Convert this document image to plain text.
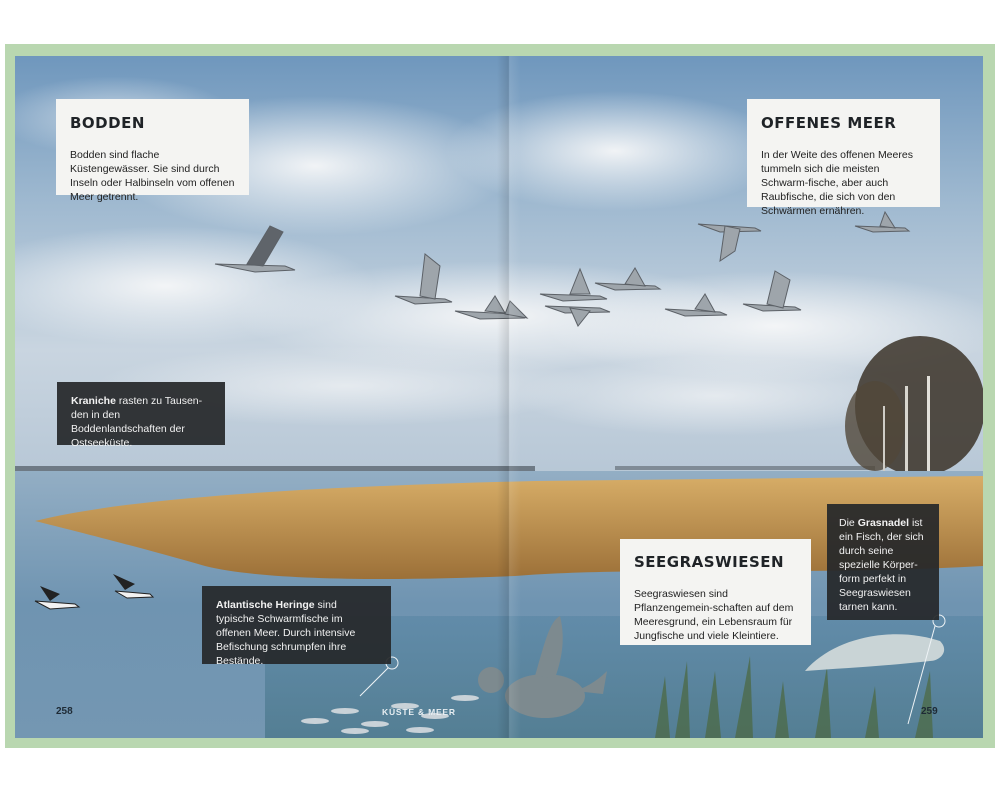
BODDEN

Bodden sind flache Küstengewässer. Sie sind durch Inseln oder Halbinseln vom offenen Meer getrennt.

OFFENES MEER

In der Weite des offenen Meeres tummeln sich die meisten Schwarm-fische, aber auch Raubfische, die sich von den Schwärmen ernähren.

Kraniche rasten zu Tausen-den in den Boddenlandschaften der Ostseeküste.

Atlantische Heringe sind typische Schwarmfische im offenen Meer. Durch intensive Befischung schrumpfen ihre Bestände.

SEEGRASWIESEN

Seegraswiesen sind Pflanzengemein-schaften auf dem Meeresgrund, ein Lebensraum für Jungfische und viele Kleintiere.

Die Grasnadel ist ein Fisch, der sich durch seine spezielle Körper-form perfekt in Seegraswiesen tarnen kann.

258	KÜSTE & MEER	259
